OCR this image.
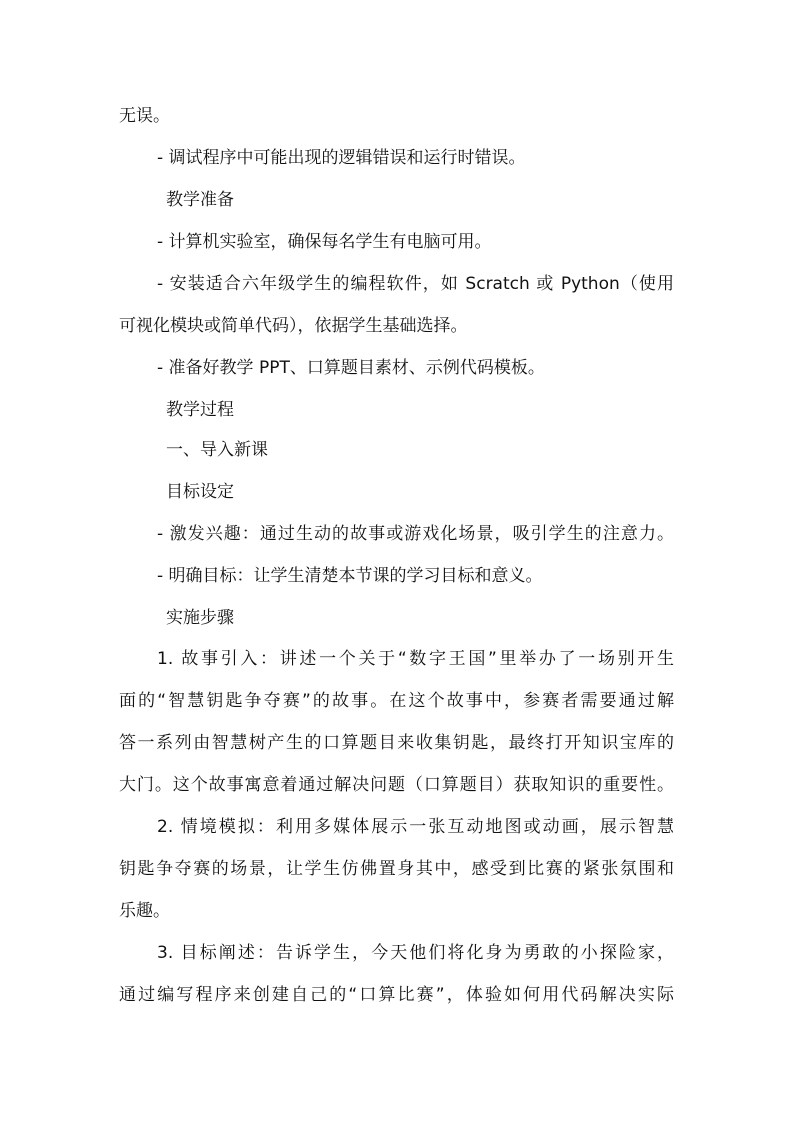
无误。
- 调试程序中可能出现的逻辑错误和运行时错误。
教学准备
- 计算机实验室，确保每名学生有电脑可用。
- 安装适合六年级学生的编程软件，如 Scratch 或 Python（使用
可视化模块或简单代码），依据学生基础选择。
- 准备好教学 PPT、口算题目素材、示例代码模板。
教学过程
一、导入新课
目标设定
- 激发兴趣：通过生动的故事或游戏化场景，吸引学生的注意力。
- 明确目标：让学生清楚本节课的学习目标和意义。
实施步骤
1. 故事引入：讲述一个关于“数字王国”里举办了一场别开生
面的“智慧钥匙争夺赛”的故事。在这个故事中，参赛者需要通过解
答一系列由智慧树产生的口算题目来收集钥匙，最终打开知识宝库的
大门。这个故事寓意着通过解决问题（口算题目）获取知识的重要性。
2. 情境模拟：利用多媒体展示一张互动地图或动画，展示智慧
钥匙争夺赛的场景，让学生仿佛置身其中，感受到比赛的紧张氛围和
乐趣。
3. 目标阐述：告诉学生，今天他们将化身为勇敢的小探险家，
通过编写程序来创建自己的“口算比赛”，体验如何用代码解决实际
